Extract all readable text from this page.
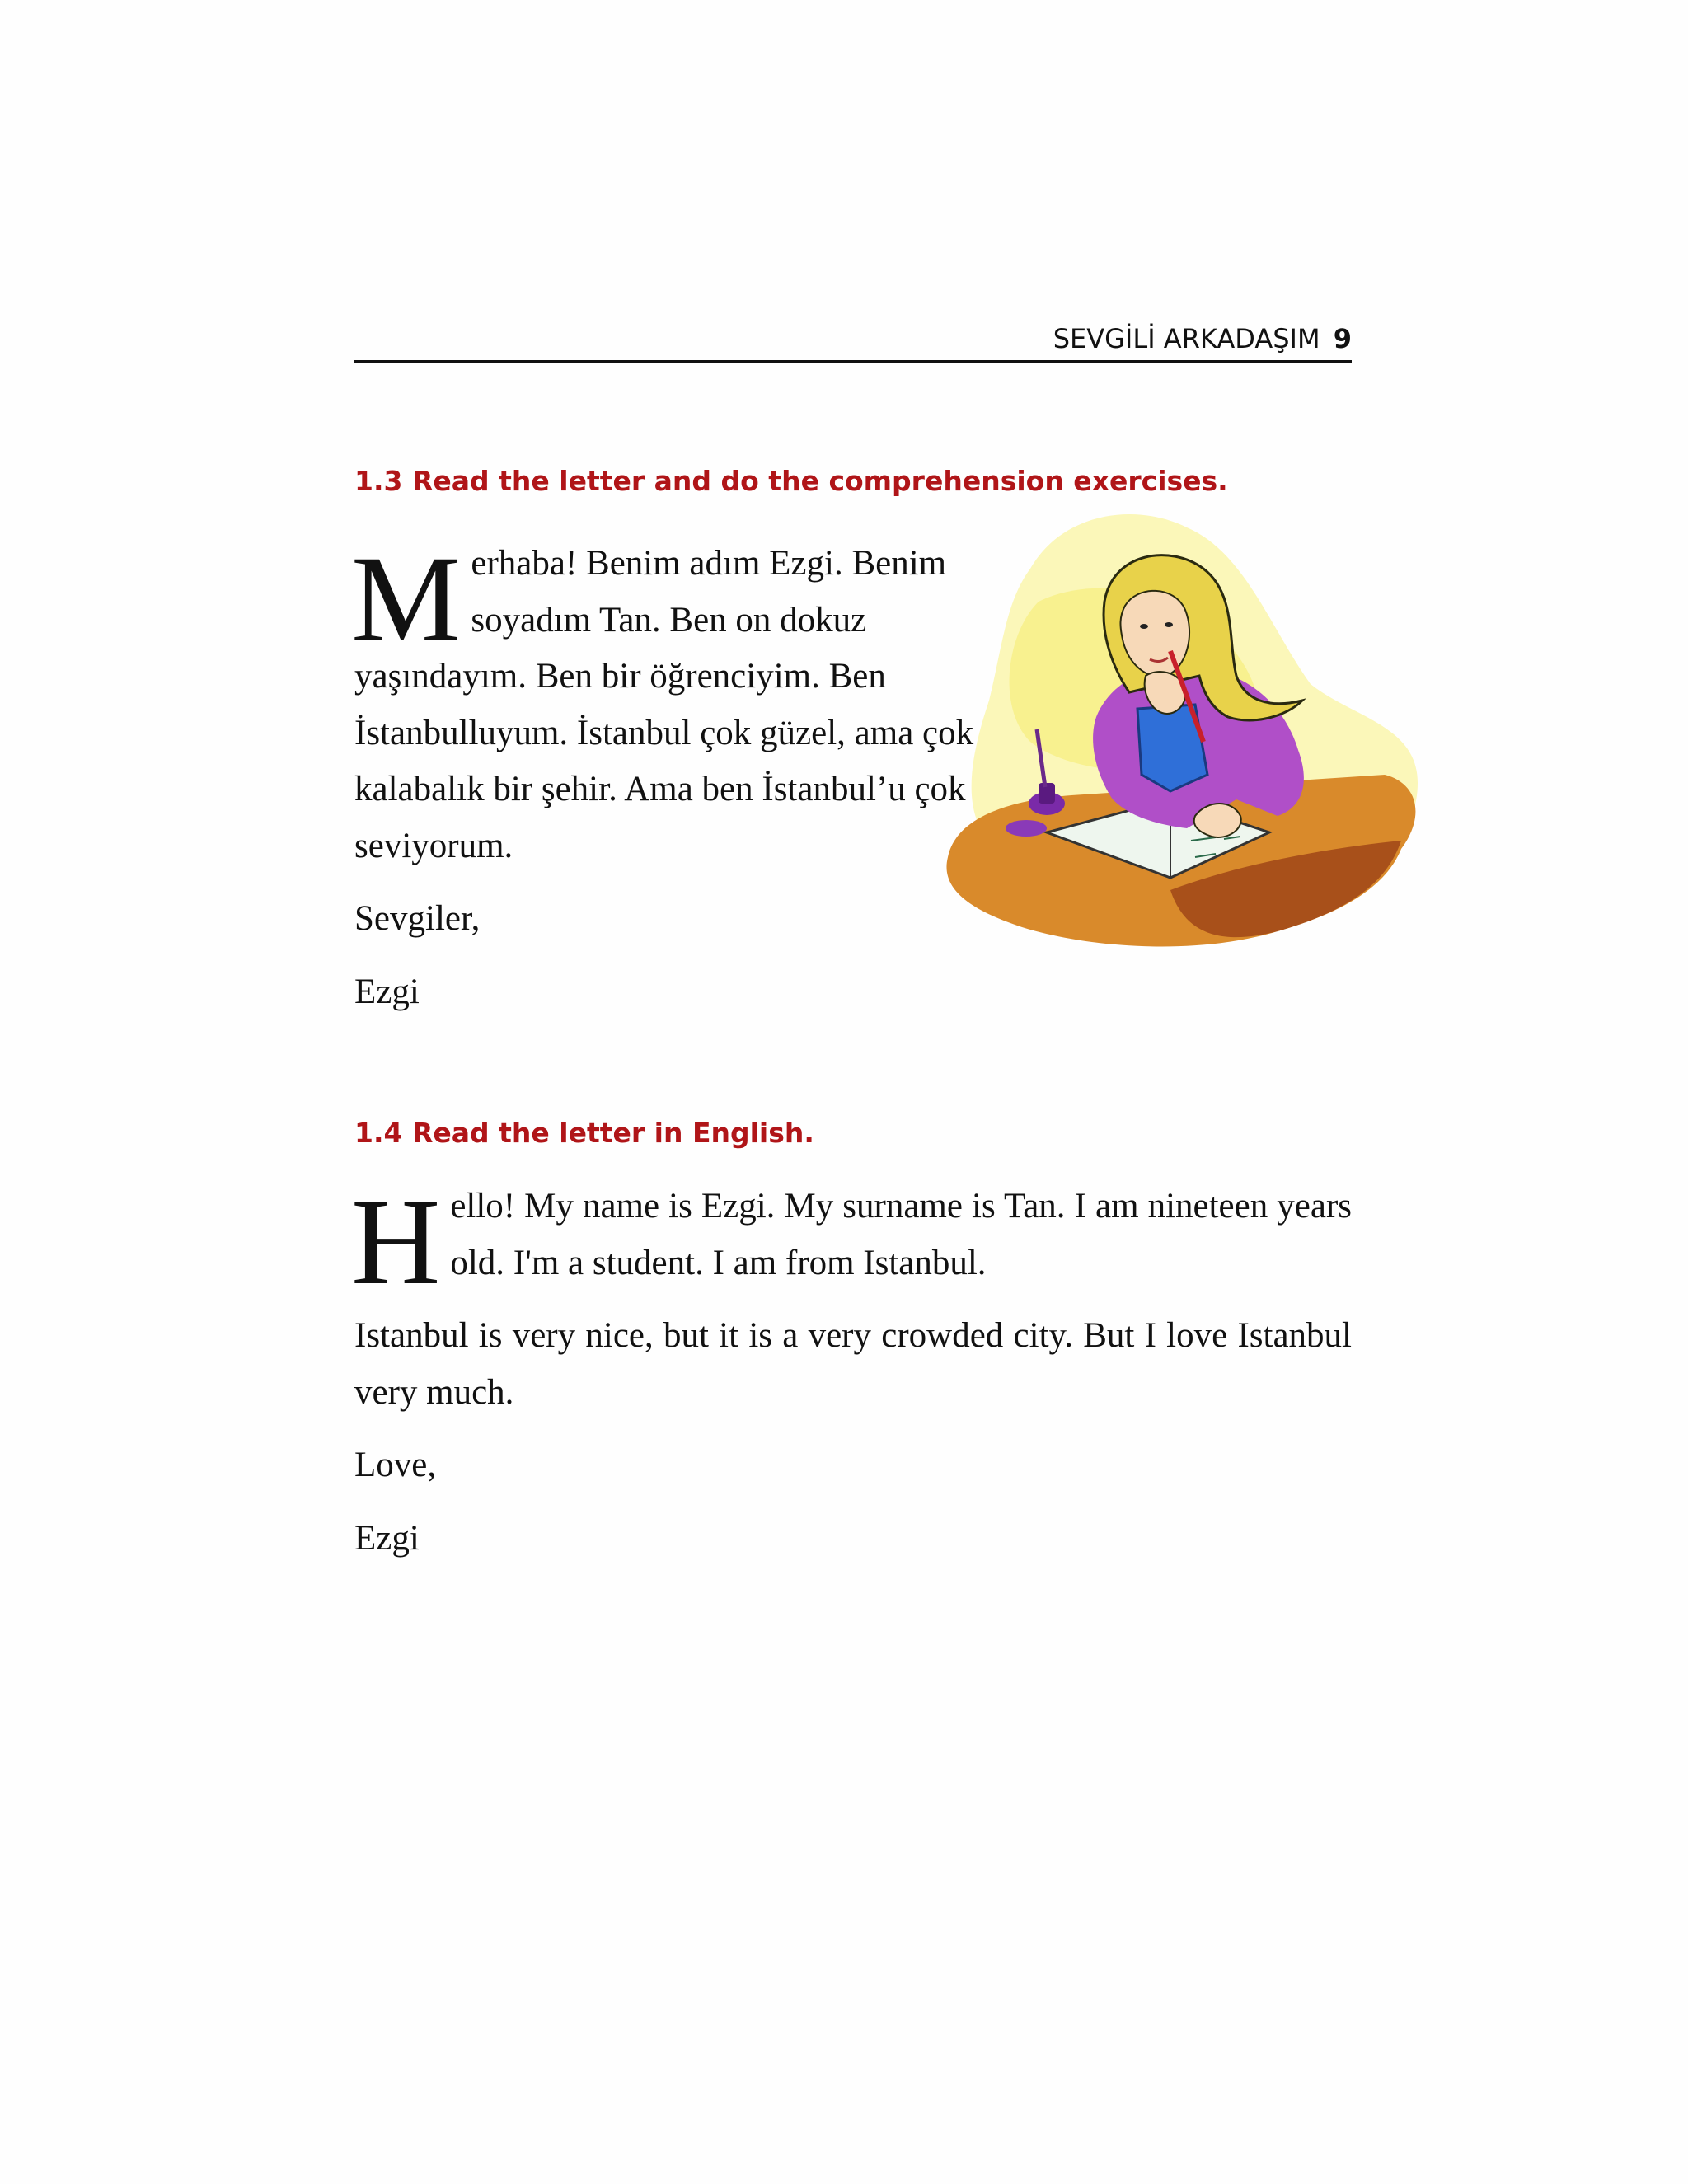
SEVGİLİ ARKADAŞIM 9
1.3 Read the letter and do the comprehension exercises.

M erhaba! Benim adım Ezgi. Benim soyadım Tan. Ben on dokuz yaşındayım. Ben bir öğrenciyim. Ben İstanbulluyum. İstanbul çok güzel, ama çok kalabalık bir şehir. Ama ben İstanbul’u çok seviyorum.

Sevgiler,

Ezgi

1.4 Read the letter in English.

H ello! My name is Ezgi. My surname is Tan. I am nineteen years old. I'm a student. I am from Istanbul.

Istanbul is very nice, but it is a very crowded city. But I love Istanbul very much.

Love,

Ezgi
